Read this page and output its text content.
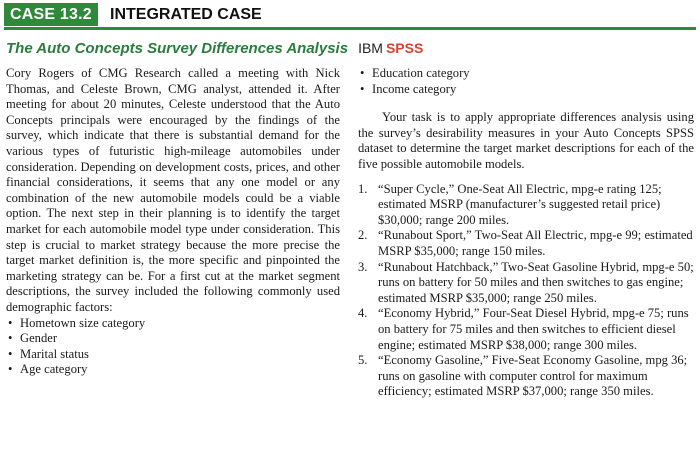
CASE 13.2	INTEGRATED CASE
The Auto Concepts Survey Differences Analysis IBM SPSS

Cory Rogers of CMG Research called a meeting with Nick Thomas, and Celeste Brown, CMG analyst, attended it. After meeting for about 20 minutes, Celeste understood that the Auto Concepts principals were encouraged by the findings of the survey, which indicate that there is substantial demand for the various types of futuristic high-mileage automobiles under consideration. Depending on development costs, prices, and other financial considerations, it seems that any one model or any combination of the new automobile models could be a viable option. The next step in their planning is to identify the target market for each automobile model type under consideration. This step is crucial to market strategy because the more precise the target market definition is, the more specific and pinpointed the marketing strategy can be. For a first cut at the market segment descriptions, the survey included the following commonly used demographic factors:

• Hometown size category
• Gender
• Marital status
• Age category
• Education category
• Income category

Your task is to apply appropriate differences analysis using the survey’s desirability measures in your Auto Concepts SPSS dataset to determine the target market descriptions for each of the five possible automobile models.

1. “Super Cycle,” One-Seat All Electric, mpg-e rating 125; estimated MSRP (manufacturer’s suggested retail price) $30,000; range 200 miles.
2. “Runabout Sport,” Two-Seat All Electric, mpg-e 99; estimated MSRP $35,000; range 150 miles.
3. “Runabout Hatchback,” Two-Seat Gasoline Hybrid, mpg-e 50; runs on battery for 50 miles and then switches to gas engine; estimated MSRP $35,000; range 250 miles.
4. “Economy Hybrid,” Four-Seat Diesel Hybrid, mpg-e 75; runs on battery for 75 miles and then switches to efficient diesel engine; estimated MSRP $38,000; range 300 miles.
5. “Economy Gasoline,” Five-Seat Economy Gasoline, mpg 36; runs on gasoline with computer control for maximum efficiency; estimated MSRP $37,000; range 350 miles.
